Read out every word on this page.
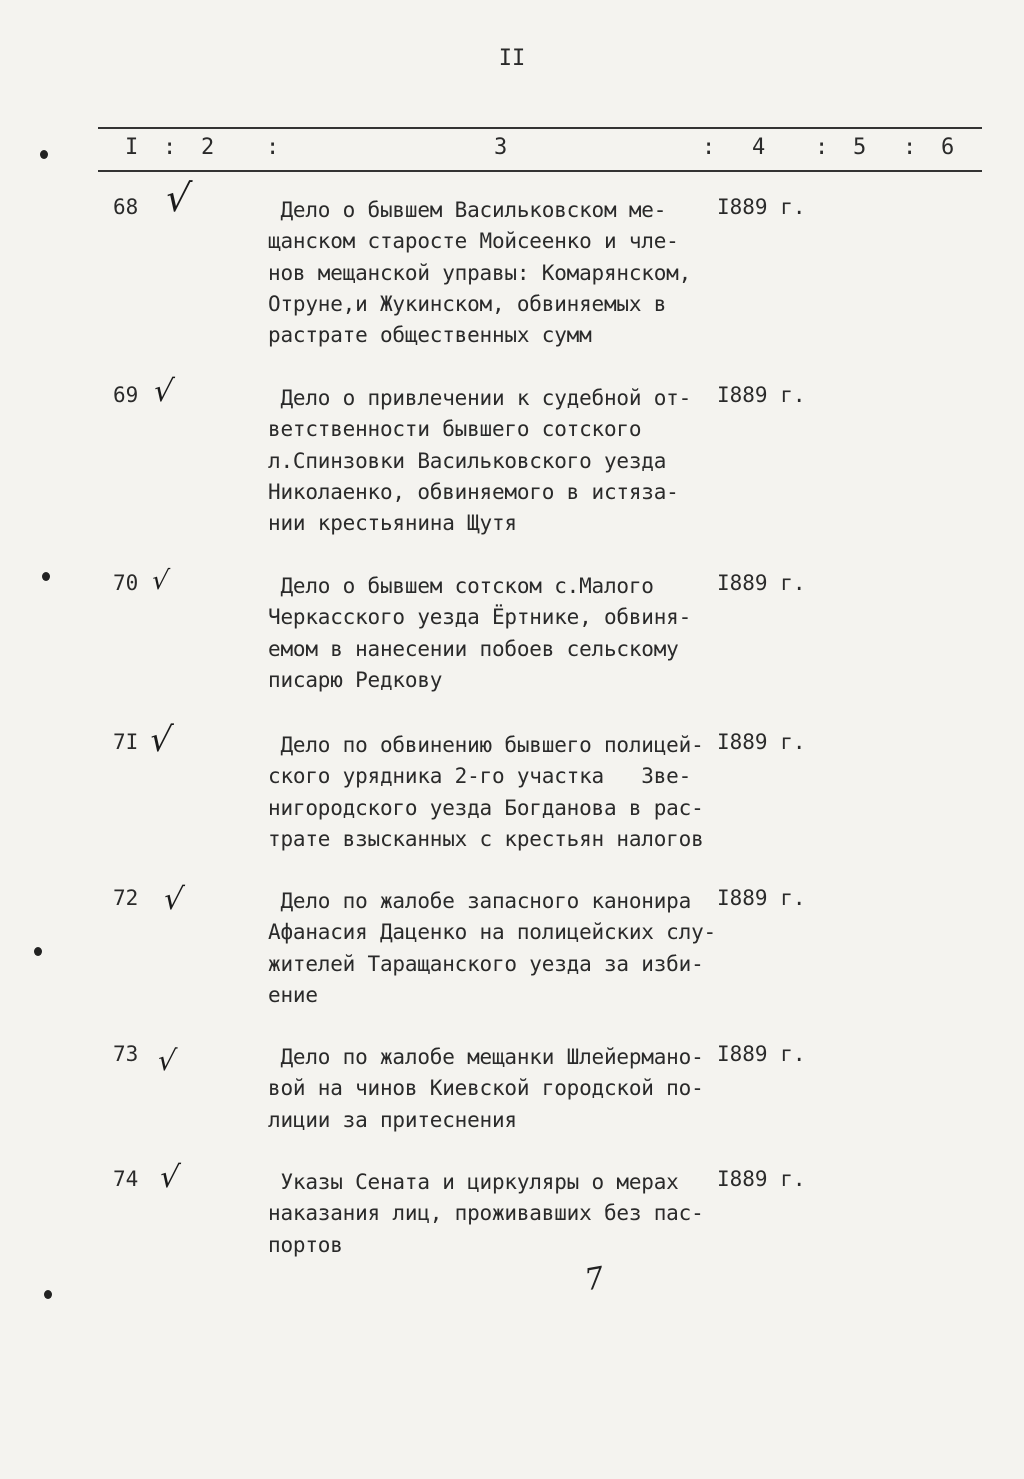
II
I : 2 :	3	: 4 : 5 : 6
68 √	Дело о бывшем Васильковском ме-
щанском старосте Мойсеенко и чле-
нов мещанской управы: Комарянском,
Отруне,и Жукинском, обвиняемых в
растрате общественных сумм
I889 г.
69 √	Дело о привлечении к судебной от-
ветственности бывшего сотского
л.Спинзовки Васильковского уезда
Николаенко, обвиняемого в истяза-
нии крестьянина Щутя
I889 г.
70 √	Дело о бывшем сотском с.Малого
Черкасского уезда Ёртнике, обвиня-
емом в нанесении побоев сельскому
писарю Редкову
I889 г.
7I √	Дело по обвинению бывшего полицей-
ского урядника 2-го участка   Зве-
нигородского уезда Богданова в рас-
трате взысканных с крестьян налогов
I889 г.
72 √	Дело по жалобе запасного канонира
Афанасия Даценко на полицейских слу-
жителей Таращанского уезда за изби-
ение
I889 г.
73 √	Дело по жалобе мещанки Шлейермано-
вой на чинов Киевской городской по-
лиции за притеснения
I889 г.
74 √	Указы Сената и циркуляры о мерах
наказания лиц, проживавших без пас-
портов
I889 г.
7
